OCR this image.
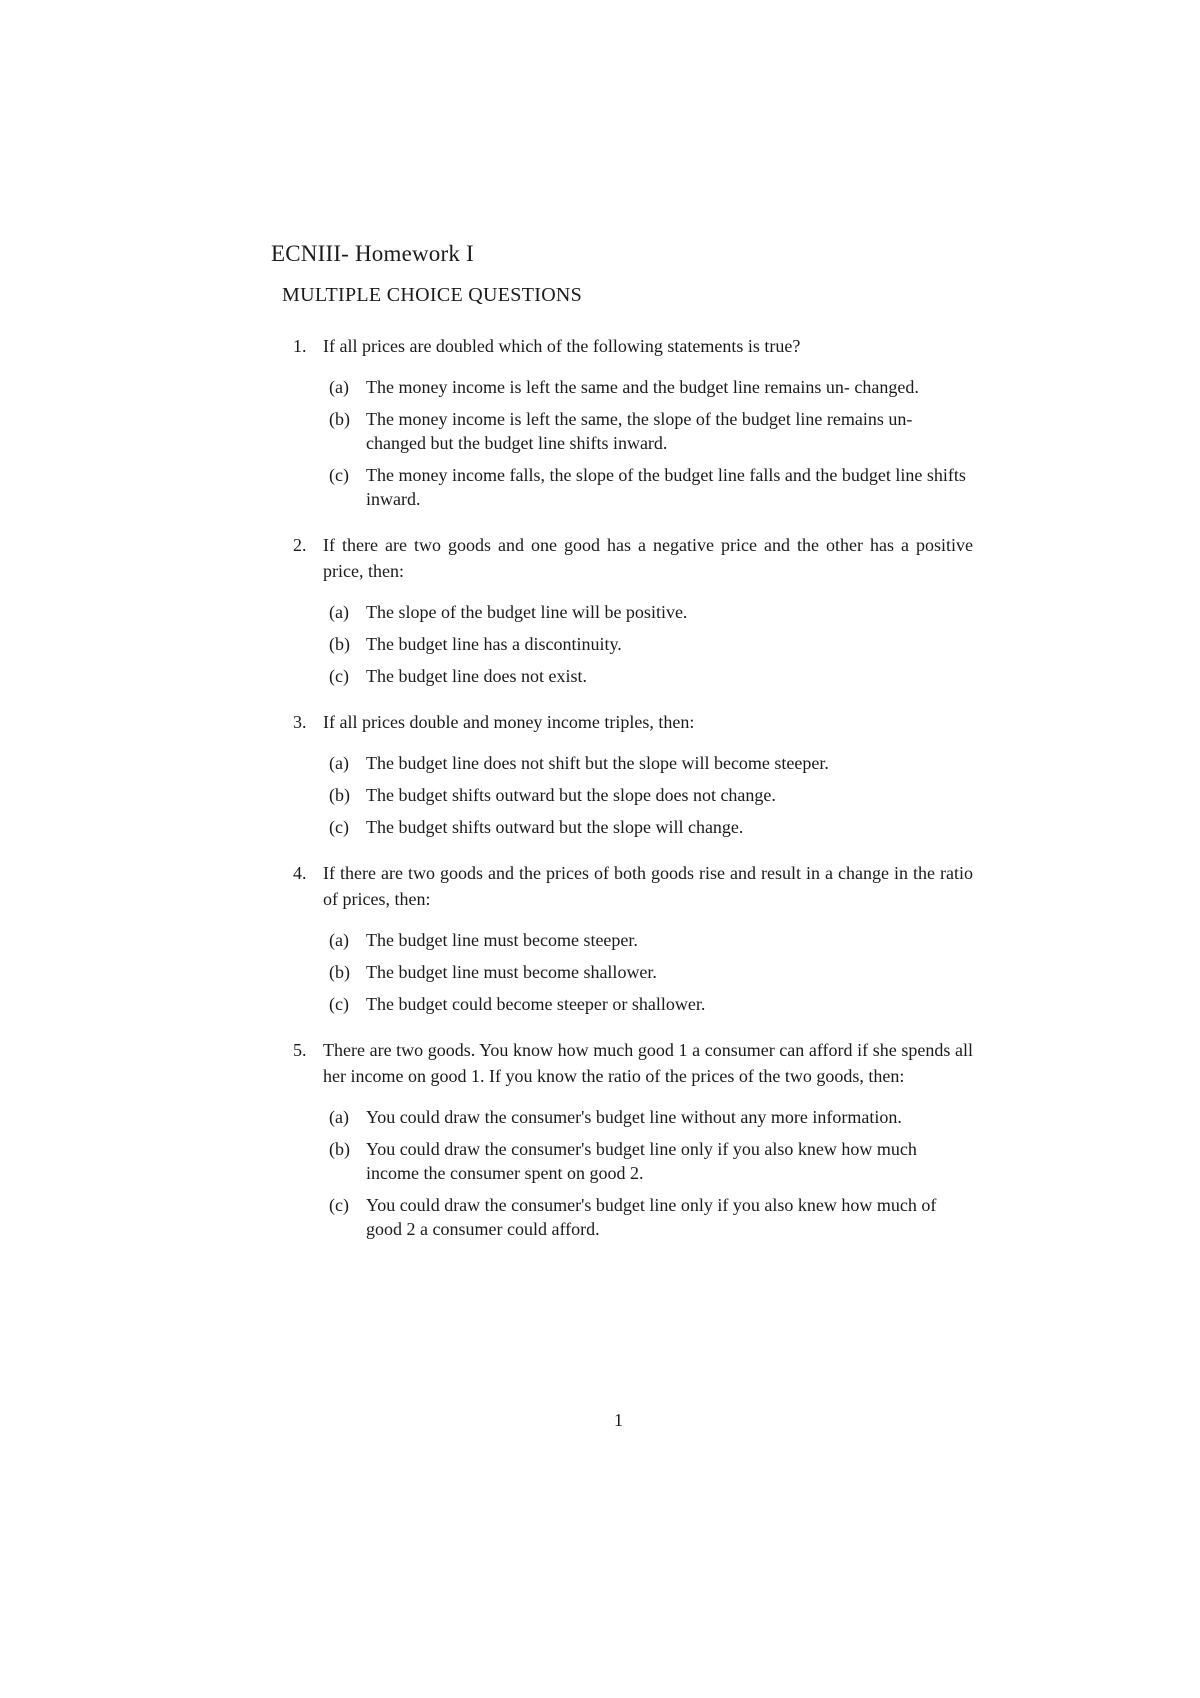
ECNIII- Homework I
MULTIPLE CHOICE QUESTIONS
1. If all prices are doubled which of the following statements is true?
(a) The money income is left the same and the budget line remains un- changed.
(b) The money income is left the same, the slope of the budget line remains un- changed but the budget line shifts inward.
(c) The money income falls, the slope of the budget line falls and the budget line shifts inward.
2. If there are two goods and one good has a negative price and the other has a positive price, then:
(a) The slope of the budget line will be positive.
(b) The budget line has a discontinuity.
(c) The budget line does not exist.
3. If all prices double and money income triples, then:
(a) The budget line does not shift but the slope will become steeper.
(b) The budget shifts outward but the slope does not change.
(c) The budget shifts outward but the slope will change.
4. If there are two goods and the prices of both goods rise and result in a change in the ratio of prices, then:
(a) The budget line must become steeper.
(b) The budget line must become shallower.
(c) The budget could become steeper or shallower.
5. There are two goods. You know how much good 1 a consumer can afford if she spends all her income on good 1. If you know the ratio of the prices of the two goods, then:
(a) You could draw the consumer's budget line without any more information.
(b) You could draw the consumer's budget line only if you also knew how much income the consumer spent on good 2.
(c) You could draw the consumer's budget line only if you also knew how much of good 2 a consumer could afford.
1
